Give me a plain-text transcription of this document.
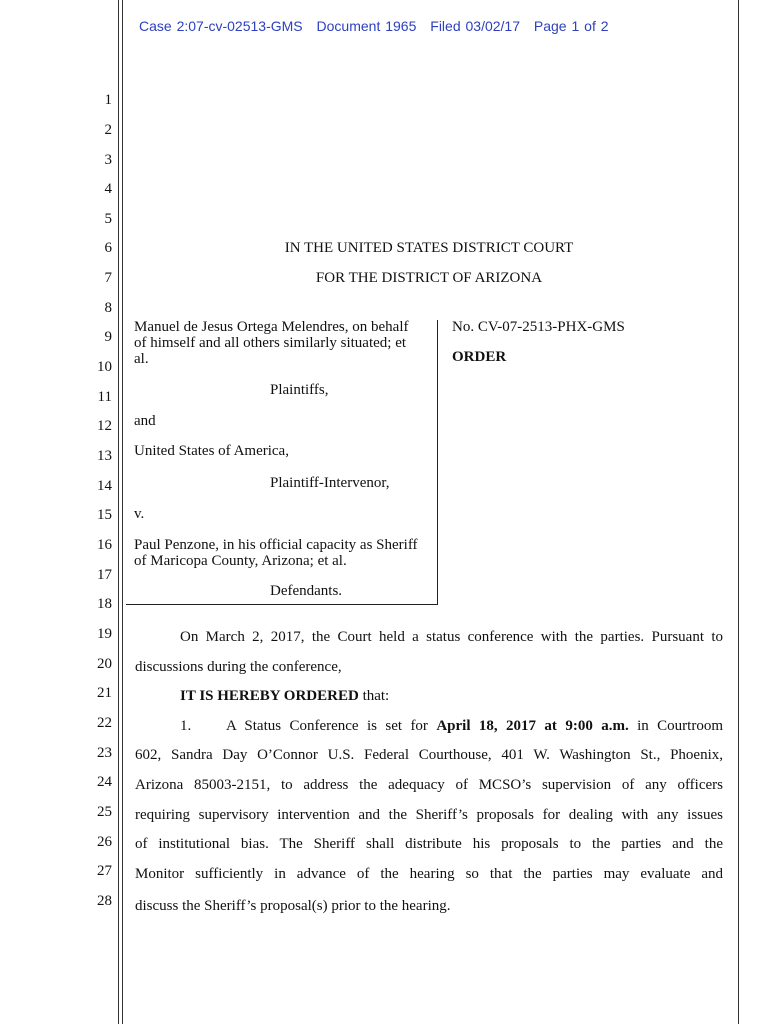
Case 2:07-cv-02513-GMS Document 1965 Filed 03/02/17 Page 1 of 2
1
2
3
4
5
6
7
8
9
10
11
12
13
14
15
16
17
18
19
20
21
22
23
24
25
26
27
28
IN THE UNITED STATES DISTRICT COURT
FOR THE DISTRICT OF ARIZONA
Manuel de Jesus Ortega Melendres, on behalf of himself and all others similarly situated; et al.
Plaintiffs,
and
United States of America,
Plaintiff-Intervenor,
v.
Paul Penzone, in his official capacity as Sheriff of Maricopa County, Arizona; et al.
Defendants.
No. CV-07-2513-PHX-GMS
ORDER
On March 2, 2017, the Court held a status conference with the parties. Pursuant to
discussions during the conference,
IT IS HEREBY ORDERED that:
1. A Status Conference is set for April 18, 2017 at 9:00 a.m. in Courtroom
602, Sandra Day O’Connor U.S. Federal Courthouse, 401 W. Washington St., Phoenix,
Arizona 85003-2151, to address the adequacy of MCSO’s supervision of any officers
requiring supervisory intervention and the Sheriff’s proposals for dealing with any issues
of institutional bias. The Sheriff shall distribute his proposals to the parties and the
Monitor sufficiently in advance of the hearing so that the parties may evaluate and
discuss the Sheriff’s proposal(s) prior to the hearing.
